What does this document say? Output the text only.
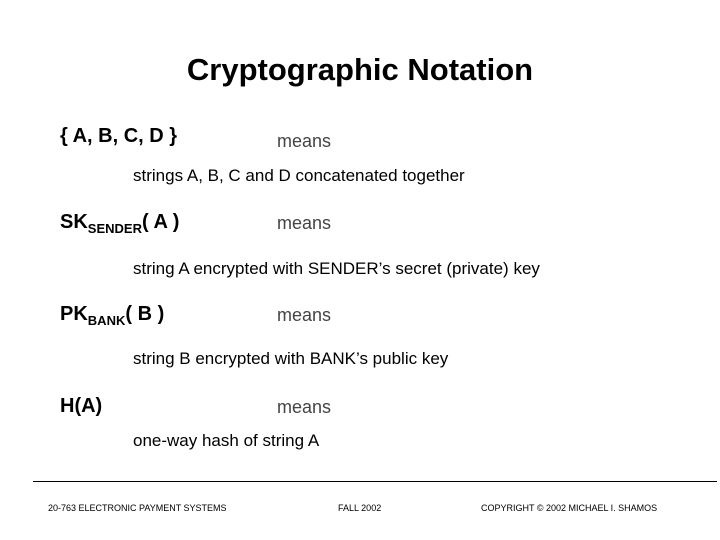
Cryptographic Notation
{ A, B, C, D }	means
strings A, B, C and D concatenated together
$SK_{SENDER}$( A )	means
string A encrypted with SENDER’s secret (private) key
$PK_{BANK}$( B )	means
string B encrypted with BANK’s public key
H(A)	means
one-way hash of string A
20-763 ELECTRONIC PAYMENT SYSTEMS	FALL 2002	COPYRIGHT © 2002 MICHAEL I. SHAMOS
